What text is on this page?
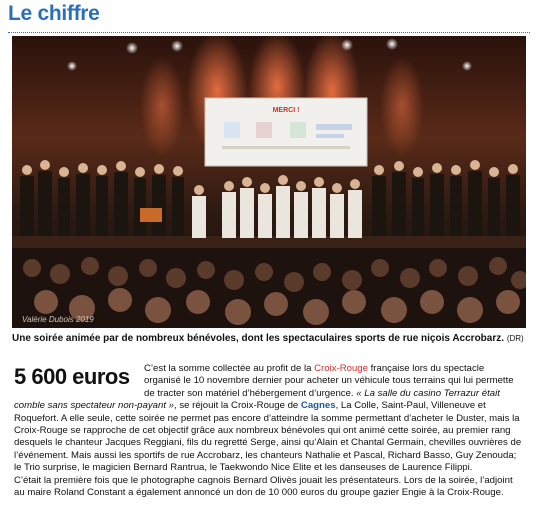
Le chiffre
MERCI !
Valérie Dubois 2019
Une soirée animée par de nombreux bénévoles, dont les spectaculaires sports de rue niçois Accrobarz. (DR)
5 600 euros	C’est la somme collectée au profit de la Croix-Rouge française lors du spectacle organisé le 10 novembre dernier pour acheter un véhicule tous terrains qui lui permette de tracter son matériel d’hébergement d’urgence. « La salle du casino Terrazur était comble sans spectateur non-payant », se réjouit la Croix-Rouge de Cagnes, La Colle, Saint-Paul, Villeneuve et Roquefort. A elle seule, cette soirée ne permet pas encore d’atteindre la somme permettant d’acheter le Duster, mais la Croix-Rouge se rapproche de cet objectif grâce aux nombreux bénévoles qui ont animé cette soirée, au premier rang desquels le chanteur Jacques Reggiani, fils du regretté Serge, ainsi qu’Alain et Chantal Germain, chevilles ouvrières de l’événement. Mais aussi les sportifs de rue Accrobarz, les chanteurs Nathalie et Pascal, Richard Basso, Guy Zenouda; le Trio surprise, le magicien Bernard Rantrua, le Taekwondo Nice Elite et les danseuses de Laurence Filippi.

C’était la première fois que le photographe cagnois Bernard Olivès jouait les présentateurs. Lors de la soirée, l’adjoint au maire Roland Constant a également annoncé un don de 10 000 euros du groupe gazier Engie à la Croix-Rouge.
